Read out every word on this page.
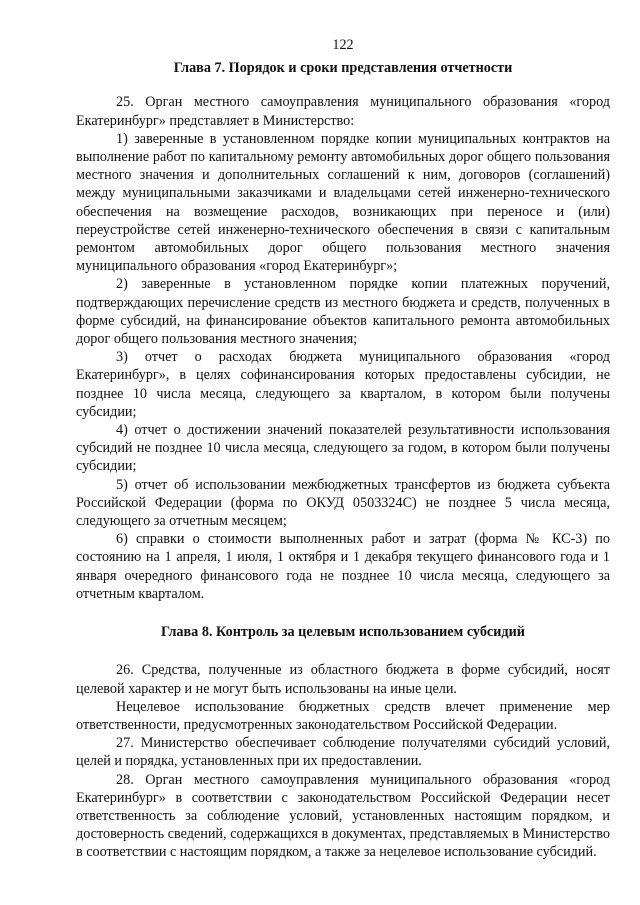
122
Глава 7. Порядок и сроки представления отчетности

25. Орган местного самоуправления муниципального образования «город Екатеринбург» представляет в Министерство:

1) заверенные в установленном порядке копии муниципальных контрактов на выполнение работ по капитальному ремонту автомобильных дорог общего пользования местного значения и дополнительных соглашений к ним, договоров (соглашений) между муниципальными заказчиками и владельцами сетей инженерно-технического обеспечения на возмещение расходов, возникающих при переносе и (или) переустройстве сетей инженерно-технического обеспечения в связи с капитальным ремонтом автомобильных дорог общего пользования местного значения муниципального образования «город Екатеринбург»;

2) заверенные в установленном порядке копии платежных поручений, подтверждающих перечисление средств из местного бюджета и средств, полученных в форме субсидий, на финансирование объектов капитального ремонта автомобильных дорог общего пользования местного значения;

3) отчет о расходах бюджета муниципального образования «город Екатеринбург», в целях софинансирования которых предоставлены субсидии, не позднее 10 числа месяца, следующего за кварталом, в котором были получены субсидии;

4) отчет о достижении значений показателей результативности использования субсидий не позднее 10 числа месяца, следующего за годом, в котором были получены субсидии;

5) отчет об использовании межбюджетных трансфертов из бюджета субъекта Российской Федерации (форма по ОКУД 0503324С) не позднее 5 числа месяца, следующего за отчетным месяцем;

6) справки о стоимости выполненных работ и затрат (форма № КС-3) по состоянию на 1 апреля, 1 июля, 1 октября и 1 декабря текущего финансового года и 1 января очередного финансового года не позднее 10 числа месяца, следующего за отчетным кварталом.

Глава 8. Контроль за целевым использованием субсидий

26. Средства, полученные из областного бюджета в форме субсидий, носят целевой характер и не могут быть использованы на иные цели.

Нецелевое использование бюджетных средств влечет применение мер ответственности, предусмотренных законодательством Российской Федерации.

27. Министерство обеспечивает соблюдение получателями субсидий условий, целей и порядка, установленных при их предоставлении.

28. Орган местного самоуправления муниципального образования «город Екатеринбург» в соответствии с законодательством Российской Федерации несет ответственность за соблюдение условий, установленных настоящим порядком, и достоверность сведений, содержащихся в документах, представляемых в Министерство в соответствии с настоящим порядком, а также за нецелевое использование субсидий.
